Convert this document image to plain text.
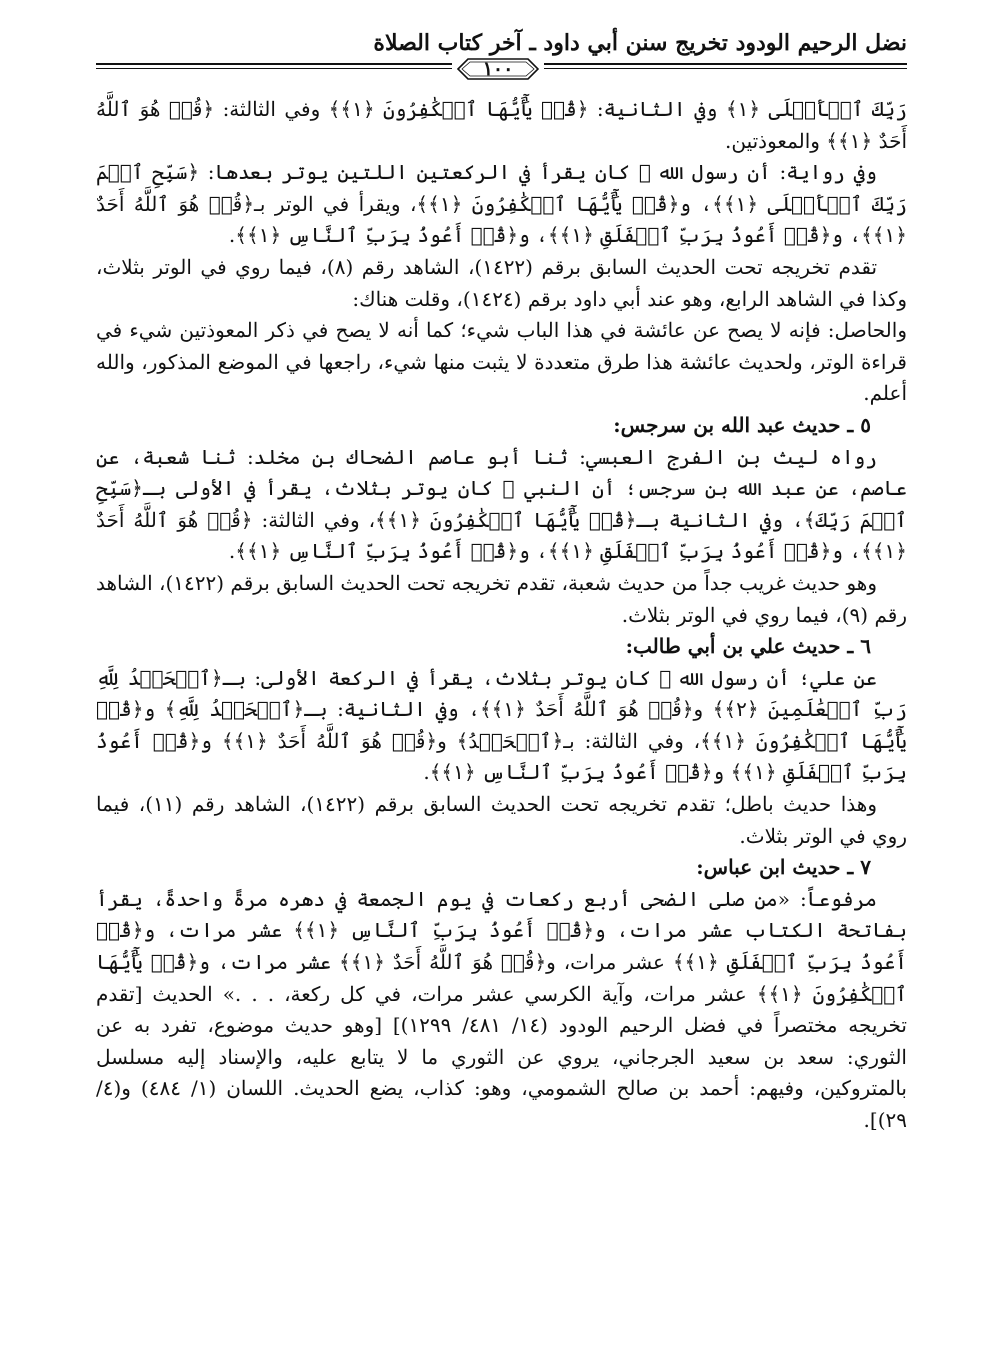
نضل الرحيم الودود تخريج سنن أبي داود ـ آخر كتاب الصلاة
١٠٠

رَبِّكَ ٱلۡأَعۡلَى ﴿١﴾ وفي الثانية: ﴿قُلۡ يَٰٓأَيُّهَا ٱلۡكَٰفِرُونَ ﴿١﴾﴾ وفي الثالثة: ﴿قُلۡ هُوَ ٱللَّهُ أَحَدٌ ﴿١﴾﴾ والمعوذتين.

وفي رواية: أن رسول الله ﷺ كان يقرأ في الركعتين اللتين يوتر بعدها: ﴿سَبِّحِ ٱسۡمَ رَبِّكَ ٱلۡأَعۡلَى ﴿١﴾﴾، و﴿قُلۡ يَٰٓأَيُّهَا ٱلۡكَٰفِرُونَ ﴿١﴾﴾، ويقرأ في الوتر بـ﴿قُلۡ هُوَ ٱللَّهُ أَحَدٌ ﴿١﴾﴾، و﴿قُلۡ أَعُوذُ بِرَبِّ ٱلۡفَلَقِ ﴿١﴾﴾، و﴿قُلۡ أَعُوذُ بِرَبِّ ٱلنَّاسِ ﴿١﴾﴾.

تقدم تخريجه تحت الحديث السابق برقم (١٤٢٢)، الشاهد رقم (٨)، فيما روي في الوتر بثلاث، وكذا في الشاهد الرابع، وهو عند أبي داود برقم (١٤٢٤)، وقلت هناك:

والحاصل: فإنه لا يصح عن عائشة في هذا الباب شيء؛ كما أنه لا يصح في ذكر المعوذتين شيء في قراءة الوتر، ولحديث عائشة هذا طرق متعددة لا يثبت منها شيء، راجعها في الموضع المذكور، والله أعلم.

٥ ـ حديث عبد الله بن سرجس:

رواه ليث بن الفرج العبسي: ثنا أبو عاصم الضحاك بن مخلد: ثنا شعبة، عن عاصم، عن عبد الله بن سرجس؛ أن النبي ﷺ كان يوتر بثلاث، يقرأ في الأولى بـ﴿سَبِّحِ ٱسۡمَ رَبِّكَ﴾، وفي الثانية بـ﴿قُلۡ يَٰٓأَيُّهَا ٱلۡكَٰفِرُونَ ﴿١﴾﴾، وفي الثالثة: ﴿قُلۡ هُوَ ٱللَّهُ أَحَدٌ ﴿١﴾﴾، و﴿قُلۡ أَعُوذُ بِرَبِّ ٱلۡفَلَقِ ﴿١﴾﴾، و﴿قُلۡ أَعُوذُ بِرَبِّ ٱلنَّاسِ ﴿١﴾﴾.

وهو حديث غريب جداً من حديث شعبة، تقدم تخريجه تحت الحديث السابق برقم (١٤٢٢)، الشاهد رقم (٩)، فيما روي في الوتر بثلاث.

٦ ـ حديث علي بن أبي طالب:

عن علي؛ أن رسول الله ﷺ كان يوتر بثلاث، يقرأ في الركعة الأولى: بـ﴿ٱلۡحَمۡدُ لِلَّهِ رَبِّ ٱلۡعَٰلَمِينَ ﴿٢﴾﴾ و﴿قُلۡ هُوَ ٱللَّهُ أَحَدٌ ﴿١﴾﴾، وفي الثانية: بـ﴿ٱلۡحَمۡدُ لِلَّهِ﴾ و﴿قُلۡ يَٰٓأَيُّهَا ٱلۡكَٰفِرُونَ ﴿١﴾﴾، وفي الثالثة: بـ﴿ٱلۡحَمۡدُ﴾ و﴿قُلۡ هُوَ ٱللَّهُ أَحَدٌ ﴿١﴾﴾ و﴿قُلۡ أَعُوذُ بِرَبِّ ٱلۡفَلَقِ ﴿١﴾﴾ و﴿قُلۡ أَعُوذُ بِرَبِّ ٱلنَّاسِ ﴿١﴾﴾.

وهذا حديث باطل؛ تقدم تخريجه تحت الحديث السابق برقم (١٤٢٢)، الشاهد رقم (١١)، فيما روي في الوتر بثلاث.

٧ ـ حديث ابن عباس:

مرفوعاً: «من صلى الضحى أربع ركعات في يوم الجمعة في دهره مرةً واحدةً، يقرأ بفاتحة الكتاب عشر مرات، و﴿قُلۡ أَعُوذُ بِرَبِّ ٱلنَّاسِ ﴿١﴾﴾ عشر مرات، و﴿قُلۡ أَعُوذُ بِرَبِّ ٱلۡفَلَقِ ﴿١﴾﴾ عشر مرات، و﴿قُلۡ هُوَ ٱللَّهُ أَحَدٌ ﴿١﴾﴾ عشر مرات، و﴿قُلۡ يَٰٓأَيُّهَا ٱلۡكَٰفِرُونَ ﴿١﴾﴾ عشر مرات، وآية الكرسي عشر مرات، في كل ركعة، . . .» الحديث [تقدم تخريجه مختصراً في فضل الرحيم الودود (١٤/ ٤٨١/ ١٢٩٩)] [وهو حديث موضوع، تفرد به عن الثوري: سعد بن سعيد الجرجاني، يروي عن الثوري ما لا يتابع عليه، والإسناد إليه مسلسل بالمتروكين، وفيهم: أحمد بن صالح الشمومي، وهو: كذاب، يضع الحديث. اللسان (١/ ٤٨٤) و(٤/ ٢٩)].
